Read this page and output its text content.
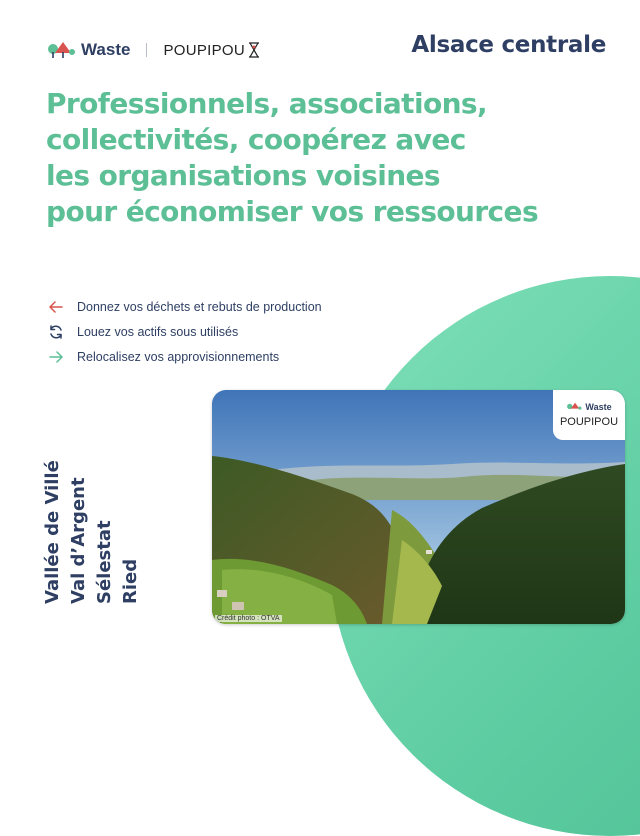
Waste POUPIPOU	Alsace centrale
Professionnels, associations,
collectivités, coopérez avec
les organisations voisines
pour économiser vos ressources
Donnez vos déchets et rebuts de production
Louez vos actifs sous utilisés
Relocalisez vos approvisionnements
Vallée de Villé Val d’Argent Sélestat Ried
Waste
POUPIPOU
Crédit photo : OTVA
